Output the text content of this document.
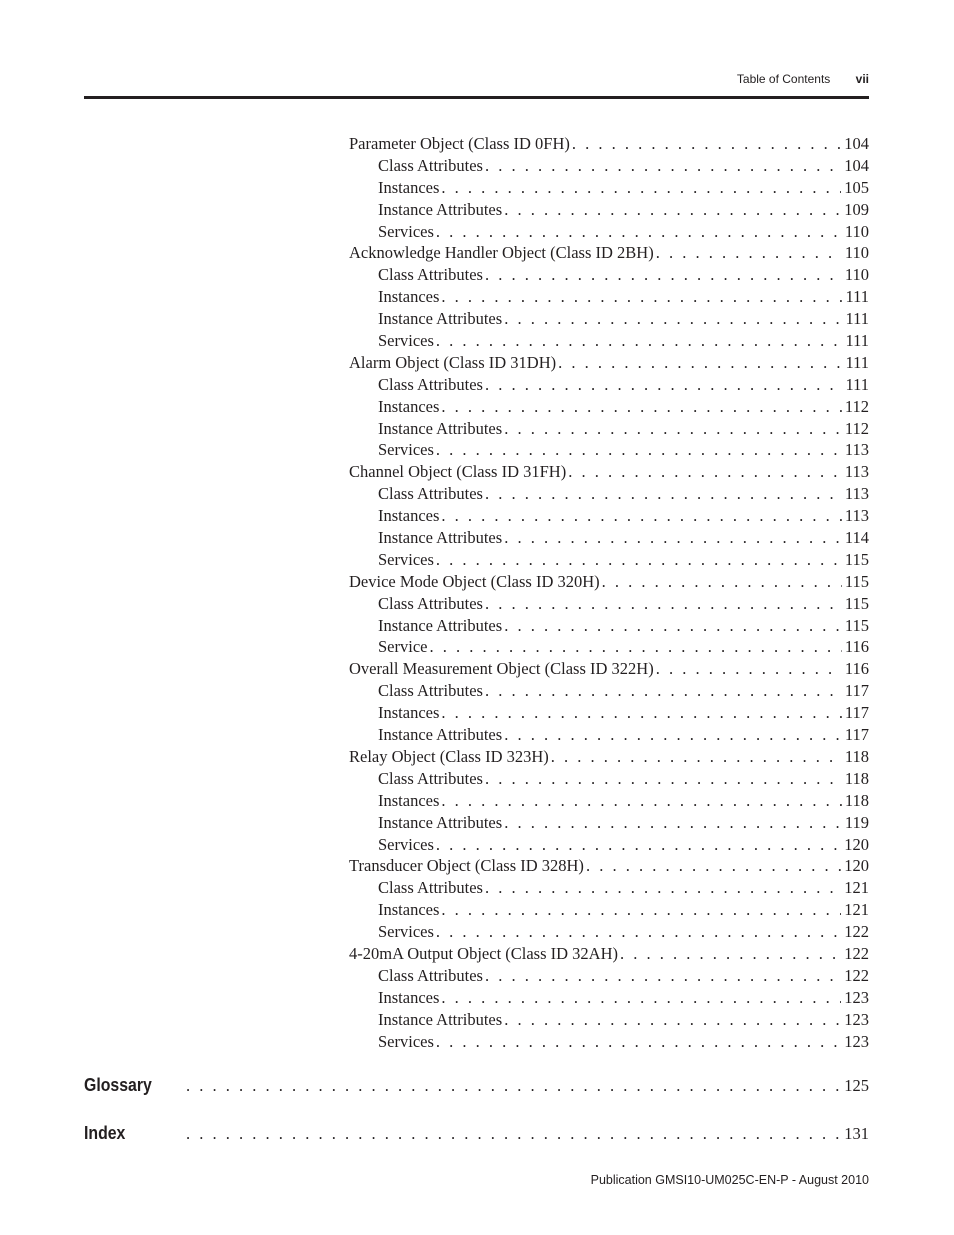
Table of Contents vii
Parameter Object (Class ID 0FH) . . .	104
Class Attributes . . .	104
Instances . . .	105
Instance Attributes . . .	109
Services . . .	110
Acknowledge Handler Object (Class ID 2BH) . . .	110
Class Attributes . . .	110
Instances . . .	111
Instance Attributes . . .	111
Services . . .	111
Alarm Object (Class ID 31DH) . . .	111
Class Attributes . . .	111
Instances . . .	112
Instance Attributes . . .	112
Services . . .	113
Channel Object (Class ID 31FH) . . .	113
Class Attributes . . .	113
Instances . . .	113
Instance Attributes . . .	114
Services . . .	115
Device Mode Object (Class ID 320H) . . .	115
Class Attributes . . .	115
Instance Attributes . . .	115
Service . . .	116
Overall Measurement Object (Class ID 322H) . . .	116
Class Attributes . . .	117
Instances . . .	117
Instance Attributes . . .	117
Relay Object (Class ID 323H) . . .	118
Class Attributes . . .	118
Instances . . .	118
Instance Attributes . . .	119
Services . . .	120
Transducer Object (Class ID 328H) . . .	120
Class Attributes . . .	121
Instances . . .	121
Services . . .	122
4-20mA Output Object (Class ID 32AH) . . .	122
Class Attributes . . .	122
Instances . . .	123
Instance Attributes . . .	123
Services . . .	123
Glossary . . .	125
Index . . .	131
Publication GMSI10-UM025C-EN-P - August 2010
